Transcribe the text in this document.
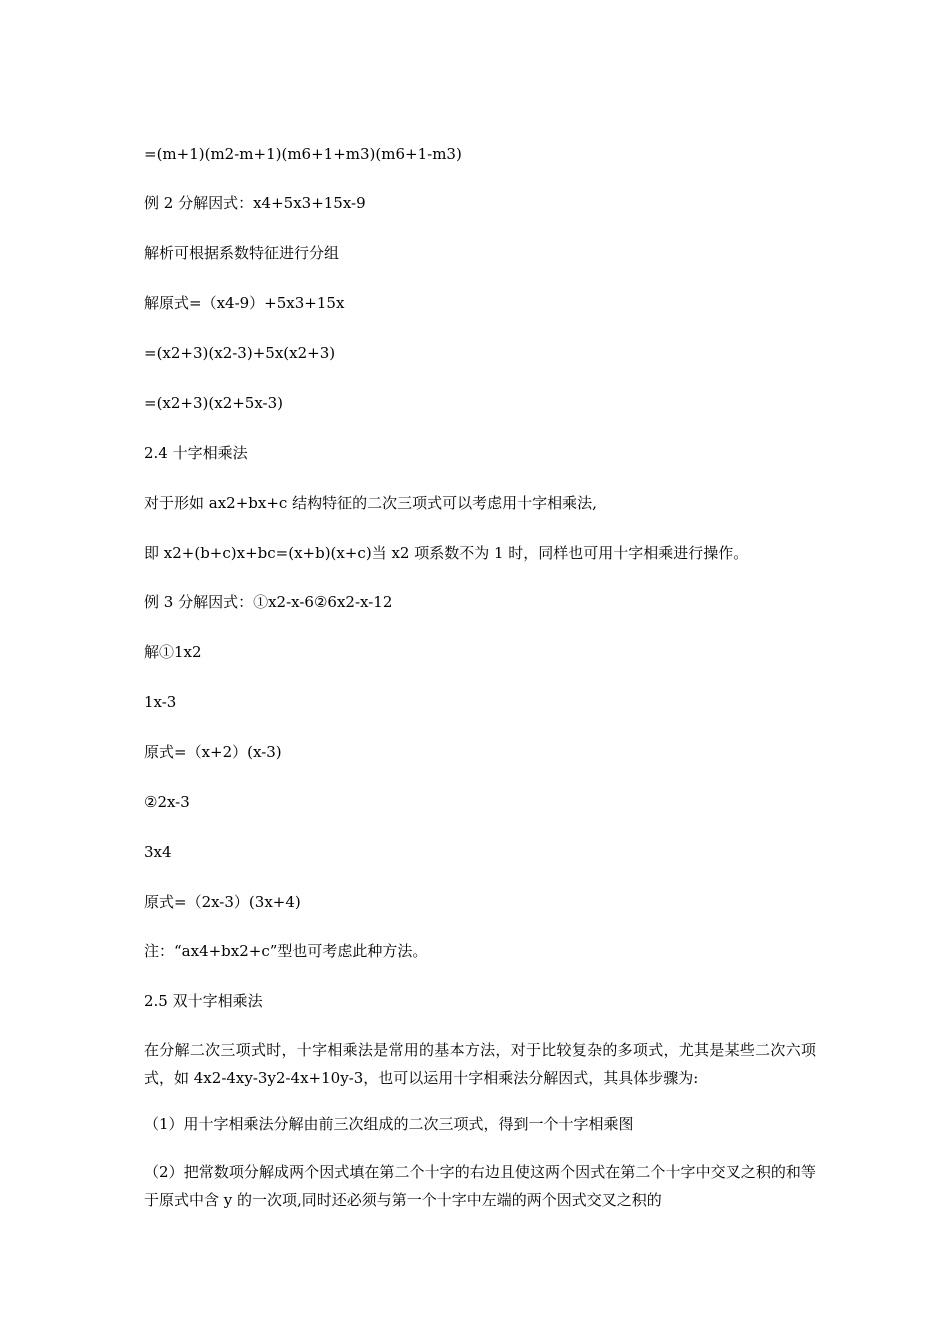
=(m+1)(m2-m+1)(m6+1+m3)(m6+1-m3)
例 2 分解因式：x4+5x3+15x-9
解析可根据系数特征进行分组
解原式=（x4-9）+5x3+15x
=(x2+3)(x2-3)+5x(x2+3)
=(x2+3)(x2+5x-3)
2.4 十字相乘法
对于形如 ax2+bx+c 结构特征的二次三项式可以考虑用十字相乘法,
即 x2+(b+c)x+bc=(x+b)(x+c)当 x2 项系数不为 1 时，同样也可用十字相乘进行操作。
例 3 分解因式：①x2-x-6②6x2-x-12
解①1x2
1x-3
原式=（x+2）(x-3)
②2x-3
3x4
原式=（2x-3）(3x+4)
注：“ax4+bx2+c”型也可考虑此种方法。
2.5 双十字相乘法
在分解二次三项式时，十字相乘法是常用的基本方法，对于比较复杂的多项式，尤其是某些二次六项式，如 4x2-4xy-3y2-4x+10y-3，也可以运用十字相乘法分解因式，其具体步骤为:
（1）用十字相乘法分解由前三次组成的二次三项式，得到一个十字相乘图
（2）把常数项分解成两个因式填在第二个十字的右边且使这两个因式在第二个十字中交叉之积的和等于原式中含 y 的一次项,同时还必须与第一个十字中左端的两个因式交叉之积的
